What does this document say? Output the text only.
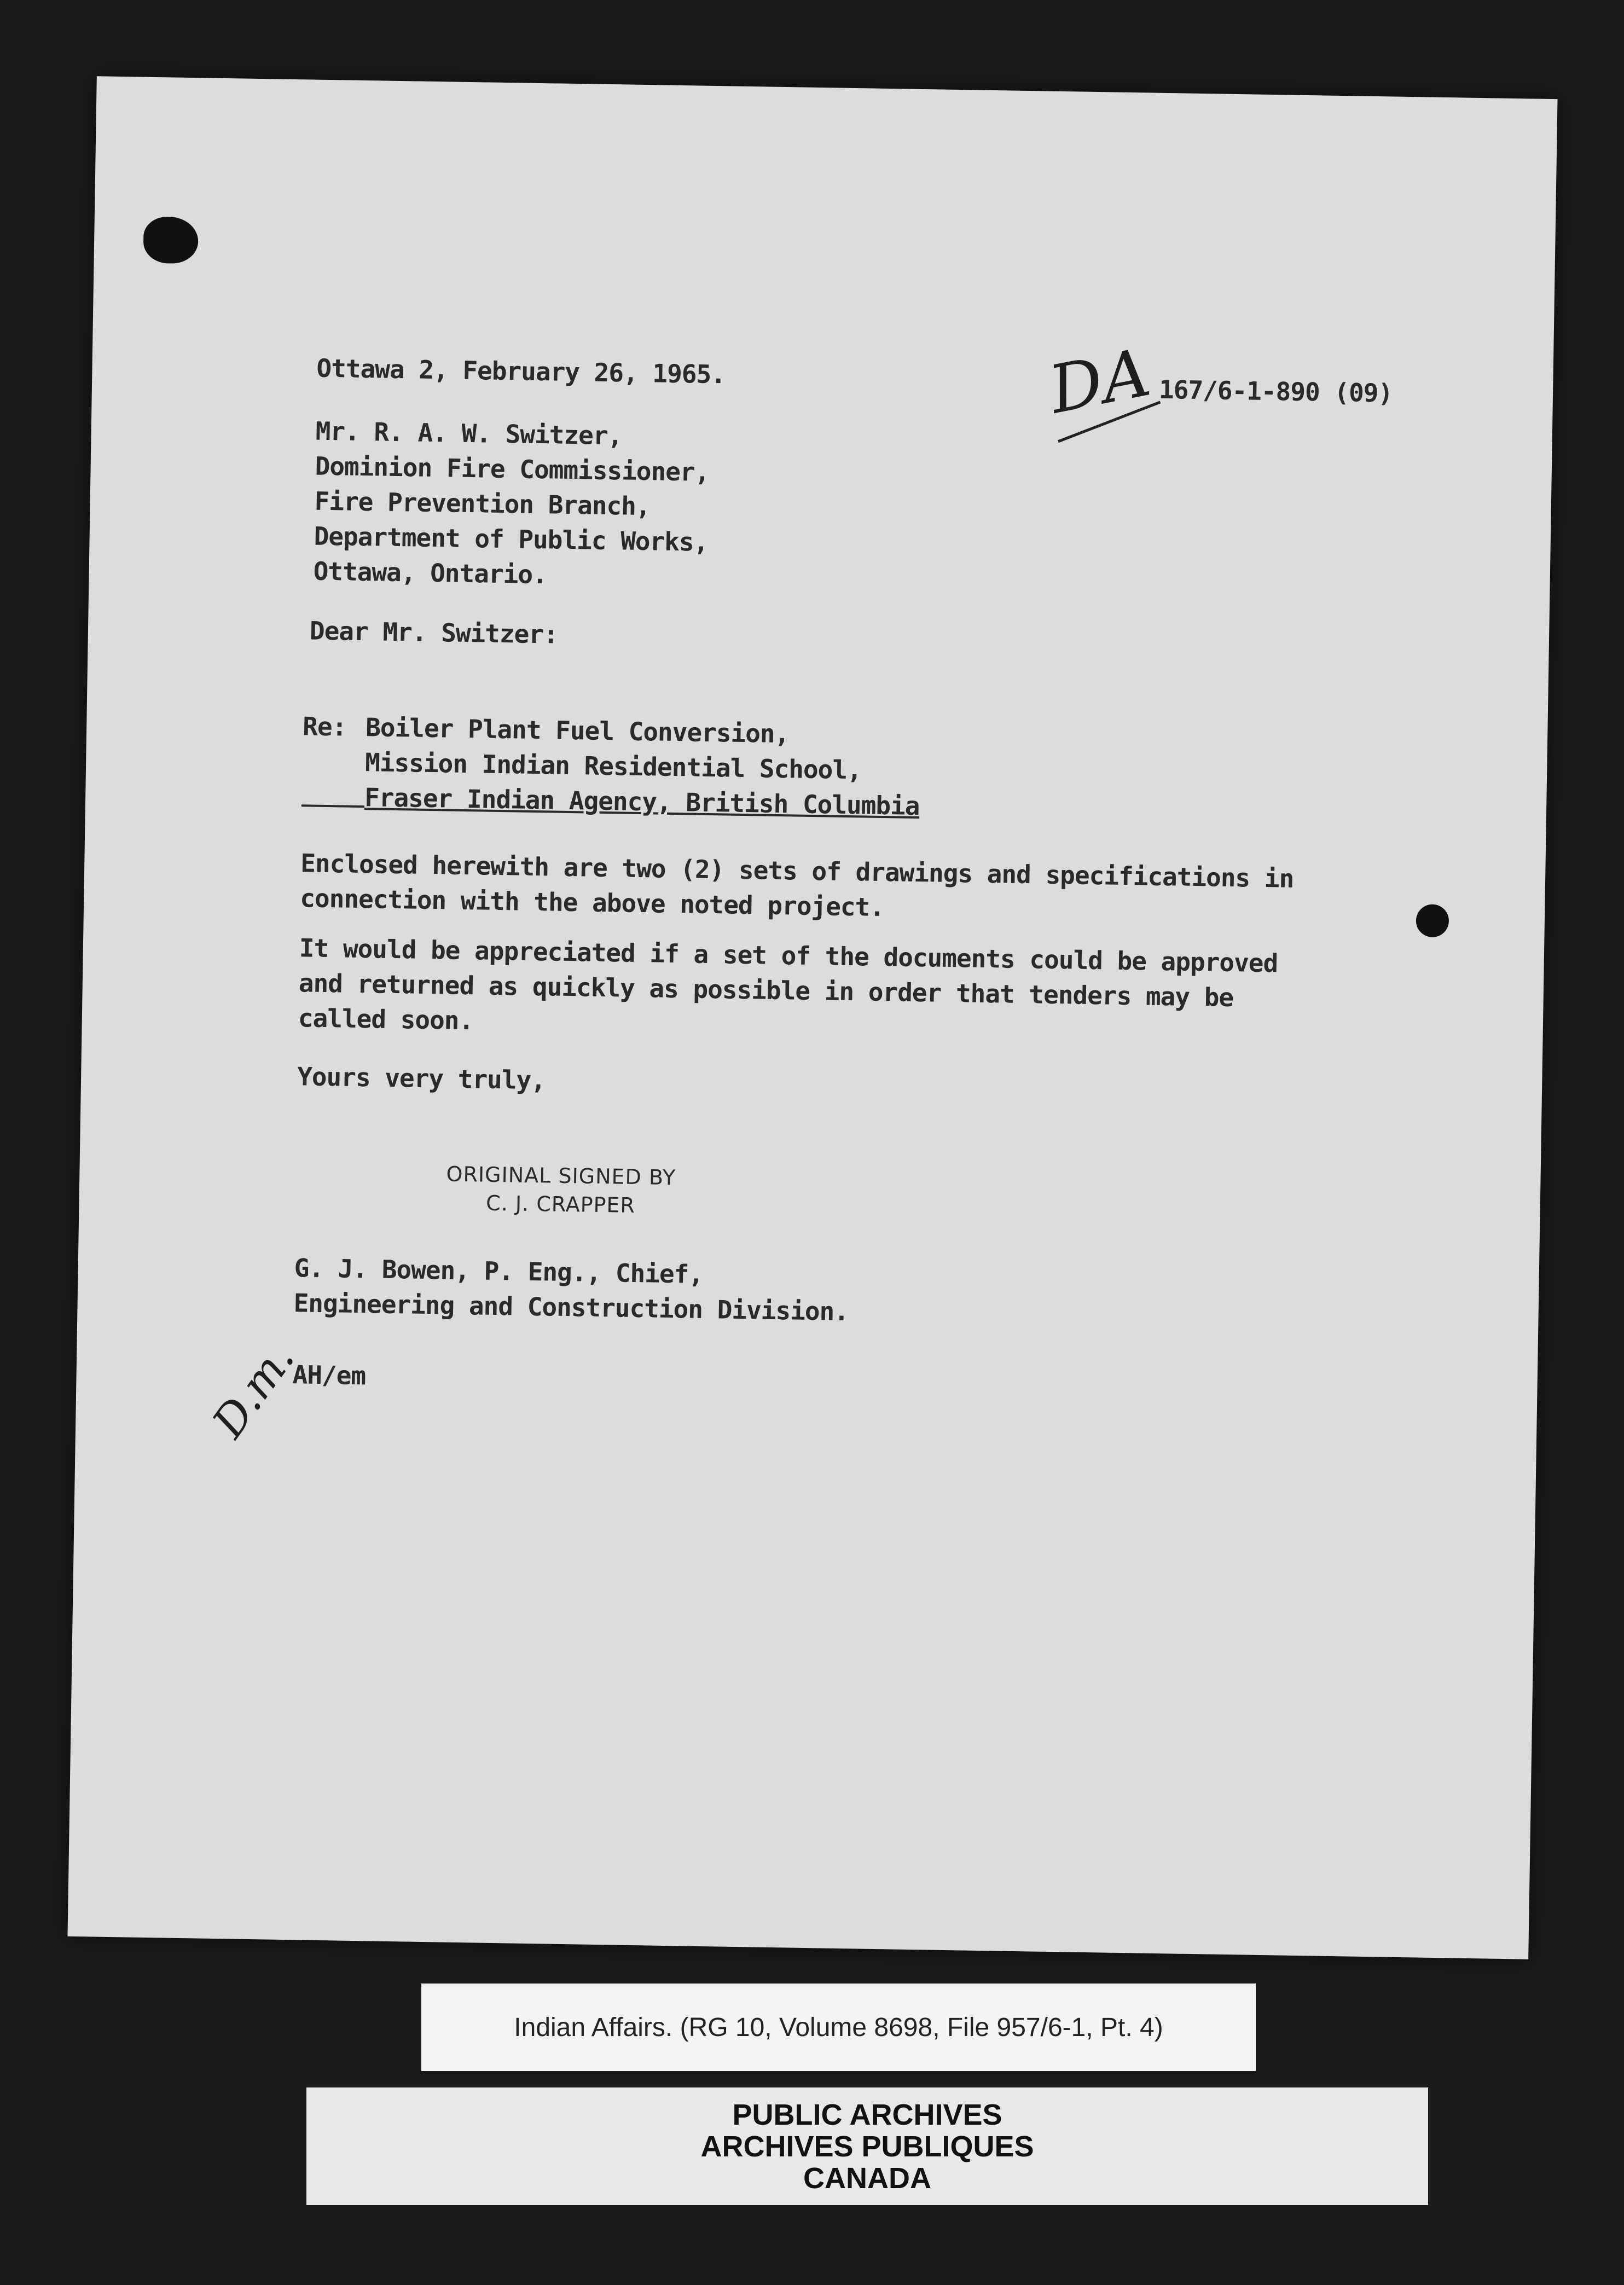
Ottawa 2, February 26, 1965.	DA 167/6-1-890 (09)
Mr. R. A. W. Switzer,
Dominion Fire Commissioner,
Fire Prevention Branch,
Department of Public Works,
Ottawa, Ontario.
Dear Mr. Switzer:
Re: Boiler Plant Fuel Conversion,
Mission Indian Residential School,
Fraser Indian Agency, British Columbia
Enclosed herewith are two (2) sets of drawings and specifications in
connection with the above noted project.
It would be appreciated if a set of the documents could be approved
and returned as quickly as possible in order that tenders may be
called soon.
Yours very truly,
ORIGINAL SIGNED BY
C. J. CRAPPER
G. J. Bowen, P. Eng., Chief,
Engineering and Construction Division.
D.m.
AH/em
Indian Affairs. (RG 10, Volume 8698, File 957/6-1, Pt. 4)
PUBLIC ARCHIVES
ARCHIVES PUBLIQUES
CANADA
